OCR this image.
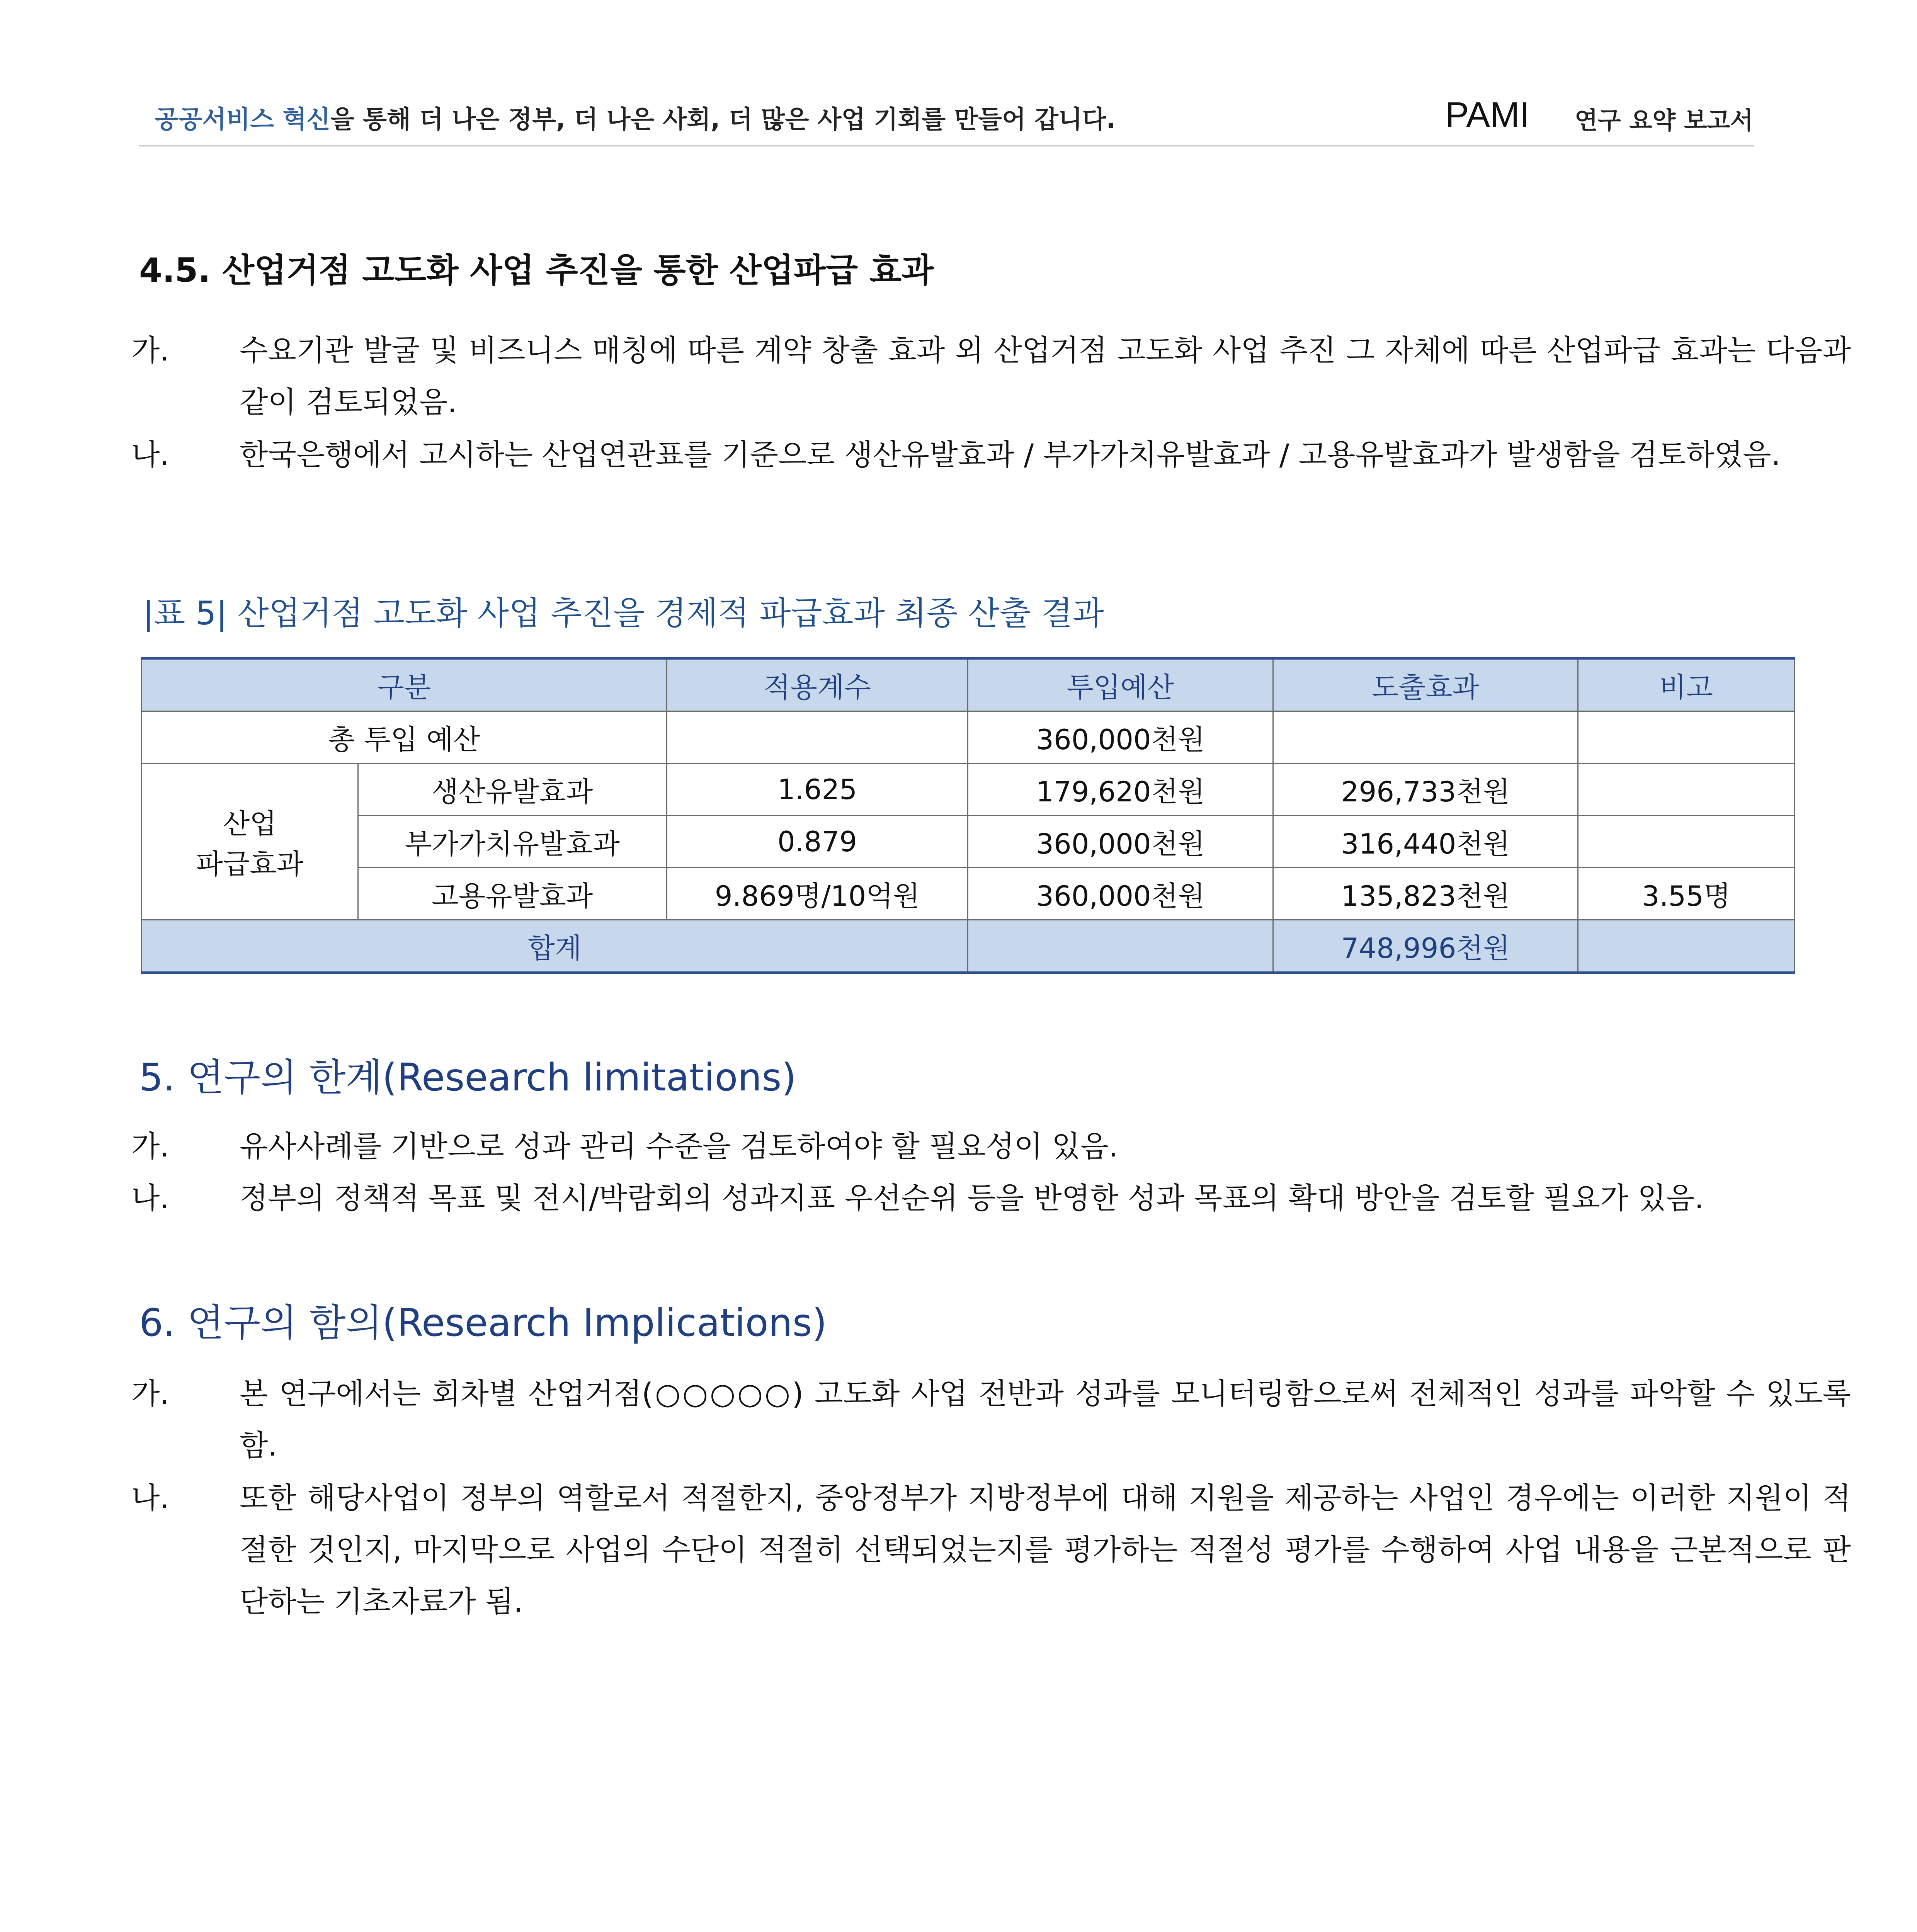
공공서비스 혁신을 통해 더 나은 정부, 더 나은 사회, 더 많은 사업 기회를 만들어 갑니다.	PAMI 연구 요약 보고서
4.5. 산업거점 고도화 사업 추진을 통한 산업파급 효과
가. 수요기관 발굴 및 비즈니스 매칭에 따른 계약 창출 효과 외 산업거점 고도화 사업 추진 그 자체에 따른 산업파급 효과는 다음과 같이 검토되었음.
나. 한국은행에서 고시하는 산업연관표를 기준으로 생산유발효과 / 부가가치유발효과 / 고용유발효과가 발생함을 검토하였음.
|표 5| 산업거점 고도화 사업 추진을 경제적 파급효과 최종 산출 결과
구분		적용계수	투입예산	도출효과	비고
총 투입 예산			360,000천원		
산업
파급효과	생산유발효과	1.625	179,620천원	296,733천원	
	부가가치유발효과	0.879	360,000천원	316,440천원	
	고용유발효과	9.869명/10억원	360,000천원	135,823천원	3.55명
합계				748,996천원	
5. 연구의 한계(Research limitations)
가. 유사사례를 기반으로 성과 관리 수준을 검토하여야 할 필요성이 있음.
나. 정부의 정책적 목표 및 전시/박람회의 성과지표 우선순위 등을 반영한 성과 목표의 확대 방안을 검토할 필요가 있음.
6. 연구의 함의(Research Implications)
가. 본 연구에서는 회차별 산업거점(○○○○○) 고도화 사업 전반과 성과를 모니터링함으로써 전체적인 성과를 파악할 수 있도록 함.
나. 또한 해당사업이 정부의 역할로서 적절한지, 중앙정부가 지방정부에 대해 지원을 제공하는 사업인 경우에는 이러한 지원이 적절한 것인지, 마지막으로 사업의 수단이 적절히 선택되었는지를 평가하는 적절성 평가를 수행하여 사업 내용을 근본적으로 판단하는 기초자료가 됨.
